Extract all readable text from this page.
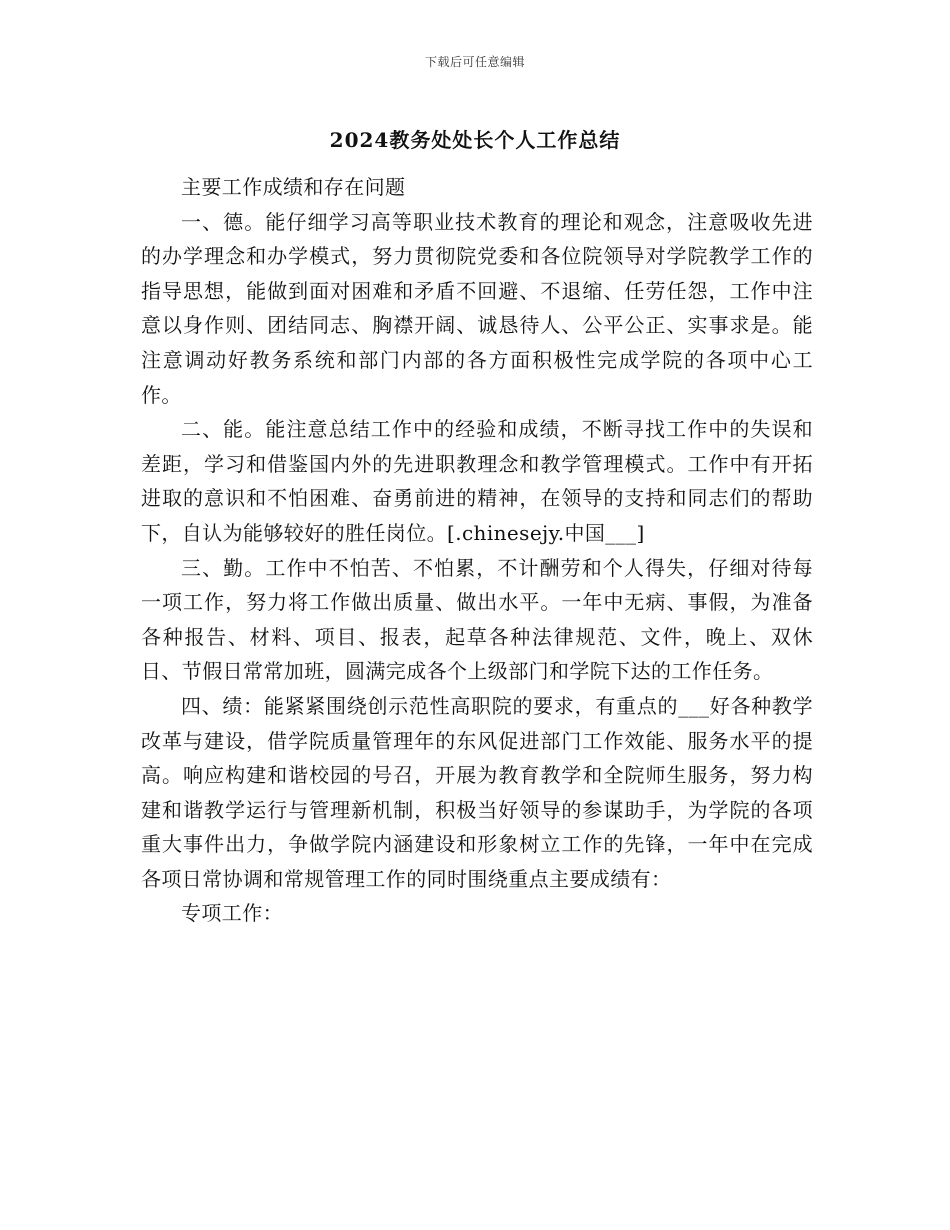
下载后可任意编辑
2024教务处处长个人工作总结

主要工作成绩和存在问题

一、德。能仔细学习高等职业技术教育的理论和观念，注意吸收先进的办学理念和办学模式，努力贯彻院党委和各位院领导对学院教学工作的指导思想，能做到面对困难和矛盾不回避、不退缩、任劳任怨，工作中注意以身作则、团结同志、胸襟开阔、诚恳待人、公平公正、实事求是。能注意调动好教务系统和部门内部的各方面积极性完成学院的各项中心工作。

二、能。能注意总结工作中的经验和成绩，不断寻找工作中的失误和差距，学习和借鉴国内外的先进职教理念和教学管理模式。工作中有开拓进取的意识和不怕困难、奋勇前进的精神，在领导的支持和同志们的帮助下，自认为能够较好的胜任岗位。[.chinesejy.中国___]

三、勤。工作中不怕苦、不怕累，不计酬劳和个人得失，仔细对待每一项工作，努力将工作做出质量、做出水平。一年中无病、事假，为准备各种报告、材料、项目、报表，起草各种法律规范、文件，晚上、双休日、节假日常常加班，圆满完成各个上级部门和学院下达的工作任务。

四、绩：能紧紧围绕创示范性高职院的要求，有重点的___好各种教学改革与建设，借学院质量管理年的东风促进部门工作效能、服务水平的提高。响应构建和谐校园的号召，开展为教育教学和全院师生服务，努力构建和谐教学运行与管理新机制，积极当好领导的参谋助手，为学院的各项重大事件出力，争做学院内涵建设和形象树立工作的先锋，一年中在完成各项日常协调和常规管理工作的同时围绕重点主要成绩有：

专项工作：
